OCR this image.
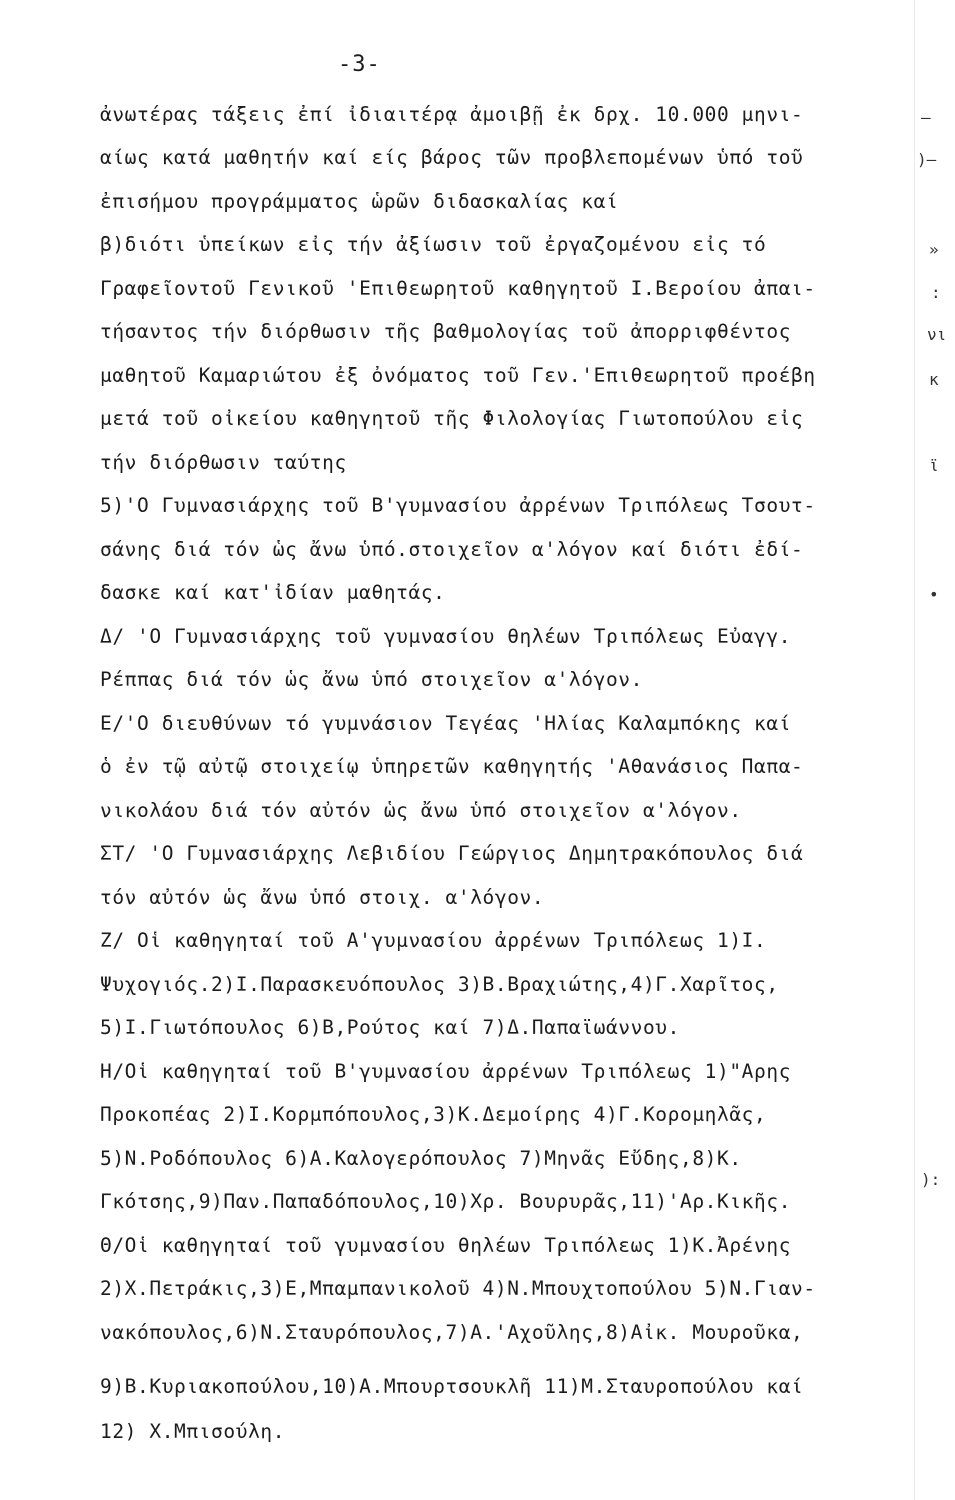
-3-
ἀνωτέρας τάξεις ἐπί ἰδιαιτέρᾳ ἀμοιβῇ ἐκ δρχ. 10.000 μηνι-
αίως κατά μαθητήν καί είς βάρος τῶν προβλεπομένων ὑπό τοῦ
ἐπισήμου προγράμματος ὡρῶν διδασκαλίας καί
β)διότι ὑπείκων εἰς τήν ἀξίωσιν τοῦ ἐργαζομένου εἰς τό
Γραφεῖοντοῦ Γενικοῦ 'Επιθεωρητοῦ καθηγητοῦ Ι.Βεροίου ἀπαι-
τήσαντος τήν διόρθωσιν τῆς βαθμολογίας τοῦ ἀπορριφθέντος
μαθητοῦ Καμαριώτου ἐξ ὀνόματος τοῦ Γεν.'Επιθεωρητοῦ προέβη
μετά τοῦ οἰκείου καθηγητοῦ τῆς Φιλολογίας Γιωτοπούλου εἰς
τήν διόρθωσιν ταύτης
5)'Ο Γυμνασιάρχης τοῦ Β'γυμνασίου ἀρρένων Τριπόλεως Τσουτ-
σάνης διά τόν ὡς ἄνω ὑπό.στοιχεῖον α'λόγον καί διότι ἐδί-
δασκε καί κατ'ἰδίαν μαθητάς.
Δ/ 'Ο Γυμνασιάρχης τοῦ γυμνασίου θηλέων Τριπόλεως Εὐαγγ.
Ρέππας διά τόν ὡς ἄνω ὑπό στοιχεῖον α'λόγον.
Ε/'Ο διευθύνων τό γυμνάσιον Τεγέας 'Ηλίας Καλαμπόκης καί
ὁ ἐν τῷ αὐτῷ στοιχείῳ ὑπηρετῶν καθηγητής 'Αθανάσιος Παπα-
νικολάου διά τόν αὐτόν ὡς ἄνω ὑπό στοιχεῖον α'λόγον.
ΣΤ/ 'Ο Γυμνασιάρχης Λεβιδίου Γεώργιος Δημητρακόπουλος διά
τόν αὐτόν ὡς ἄνω ὑπό στοιχ. α'λόγον.
Ζ/ Οἱ καθηγηταί τοῦ Α'γυμνασίου ἀρρένων Τριπόλεως 1)Ι.
Ψυχογιός.2)Ι.Παρασκευόπουλος 3)Β.Βραχιώτης,4)Γ.Χαρῖτος,
5)Ι.Γιωτόπουλος 6)Β,Ρούτος καί 7)Δ.Παπαϊωάννου.
Η/Οἱ καθηγηταί τοῦ Β'γυμνασίου ἀρρένων Τριπόλεως 1)"Αρης
Προκοπέας 2)Ι.Κορμπόπουλος,3)Κ.Δεμοίρης 4)Γ.Κορομηλᾶς,
5)Ν.Ροδόπουλος 6)Α.Καλογερόπουλος 7)Μηνᾶς Εὔδης,8)Κ.
Γκότσης,9)Παν.Παπαδόπουλος,10)Χρ. Βουρυρᾶς,11)'Αρ.Κικῆς.
Θ/Οἱ καθηγηταί τοῦ γυμνασίου θηλέων Τριπόλεως 1)Κ.Ἀρένης
2)Χ.Πετράκις,3)Ε,Μπαμπανικολοῦ 4)Ν.Μπουχτοπούλου 5)Ν.Γιαν-
νακόπουλος,6)Ν.Σταυρόπουλος,7)Α.'Αχοῦλης,8)Αἰκ. Μουροῦκα,
9)Β.Κυριακοπούλου,10)Α.Μπουρτσουκλῆ 11)Μ.Σταυροπούλου καί
12) Χ.Μπισούλη.
—
)—
»
:
νι
κ
ϊ
•
):
